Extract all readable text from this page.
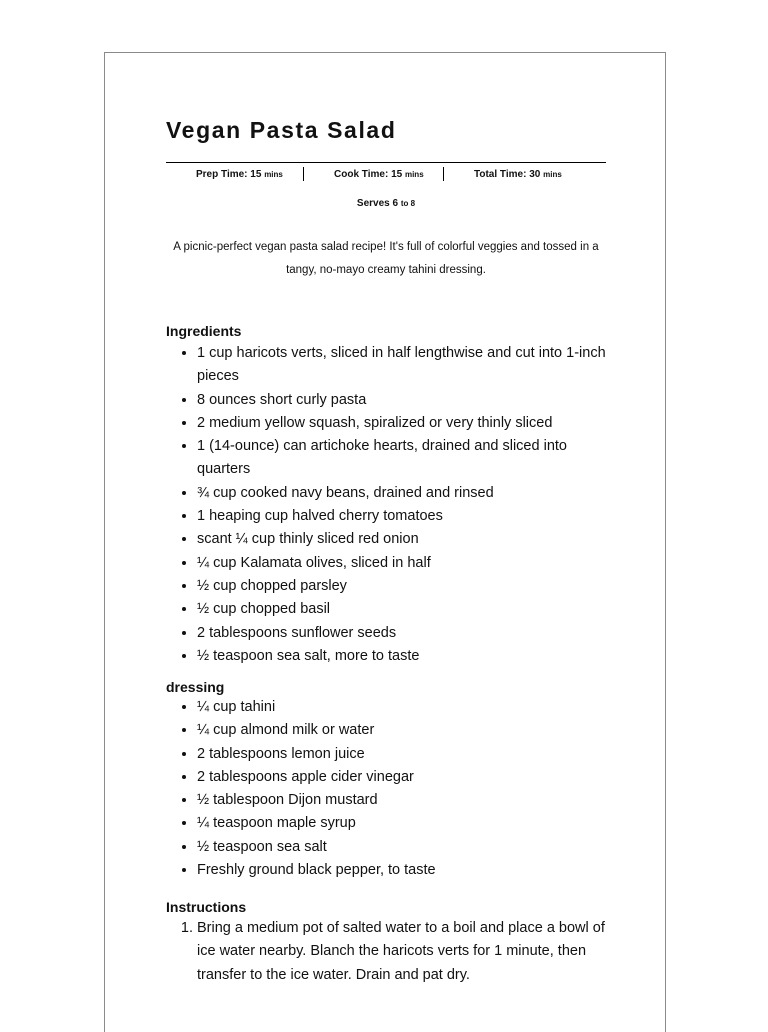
Vegan Pasta Salad
Prep Time: 15 mins	Cook Time: 15 mins	Total Time: 30 mins
Serves 6 to 8
A picnic-perfect vegan pasta salad recipe! It's full of colorful veggies and tossed in a
tangy, no-mayo creamy tahini dressing.
Ingredients
• 1 cup haricots verts, sliced in half lengthwise and cut into 1-inch pieces
• 8 ounces short curly pasta
• 2 medium yellow squash, spiralized or very thinly sliced
• 1 (14-ounce) can artichoke hearts, drained and sliced into quarters
• ¾ cup cooked navy beans, drained and rinsed
• 1 heaping cup halved cherry tomatoes
• scant ¼ cup thinly sliced red onion
• ¼ cup Kalamata olives, sliced in half
• ½ cup chopped parsley
• ½ cup chopped basil
• 2 tablespoons sunflower seeds
• ½ teaspoon sea salt, more to taste
dressing
• ¼ cup tahini
• ¼ cup almond milk or water
• 2 tablespoons lemon juice
• 2 tablespoons apple cider vinegar
• ½ tablespoon Dijon mustard
• ¼ teaspoon maple syrup
• ½ teaspoon sea salt
• Freshly ground black pepper, to taste
Instructions
1. Bring a medium pot of salted water to a boil and place a bowl of ice water nearby. Blanch the haricots verts for 1 minute, then transfer to the ice water. Drain and pat dry.
